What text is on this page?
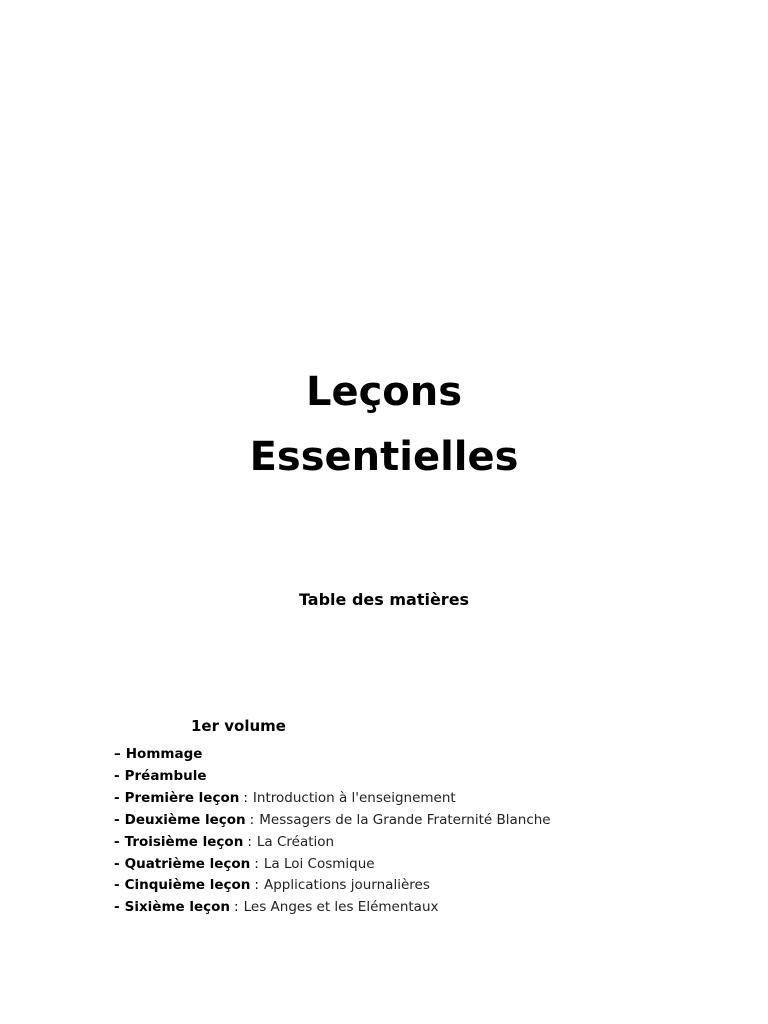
Leçons
Essentielles
Table des matières
1er volume
– Hommage
- Préambule
- Première leçon : Introduction à l'enseignement
- Deuxième leçon : Messagers de la Grande Fraternité Blanche
- Troisième leçon : La Création
- Quatrième leçon : La Loi Cosmique
- Cinquième leçon : Applications journalières
- Sixième leçon : Les Anges et les Elémentaux
